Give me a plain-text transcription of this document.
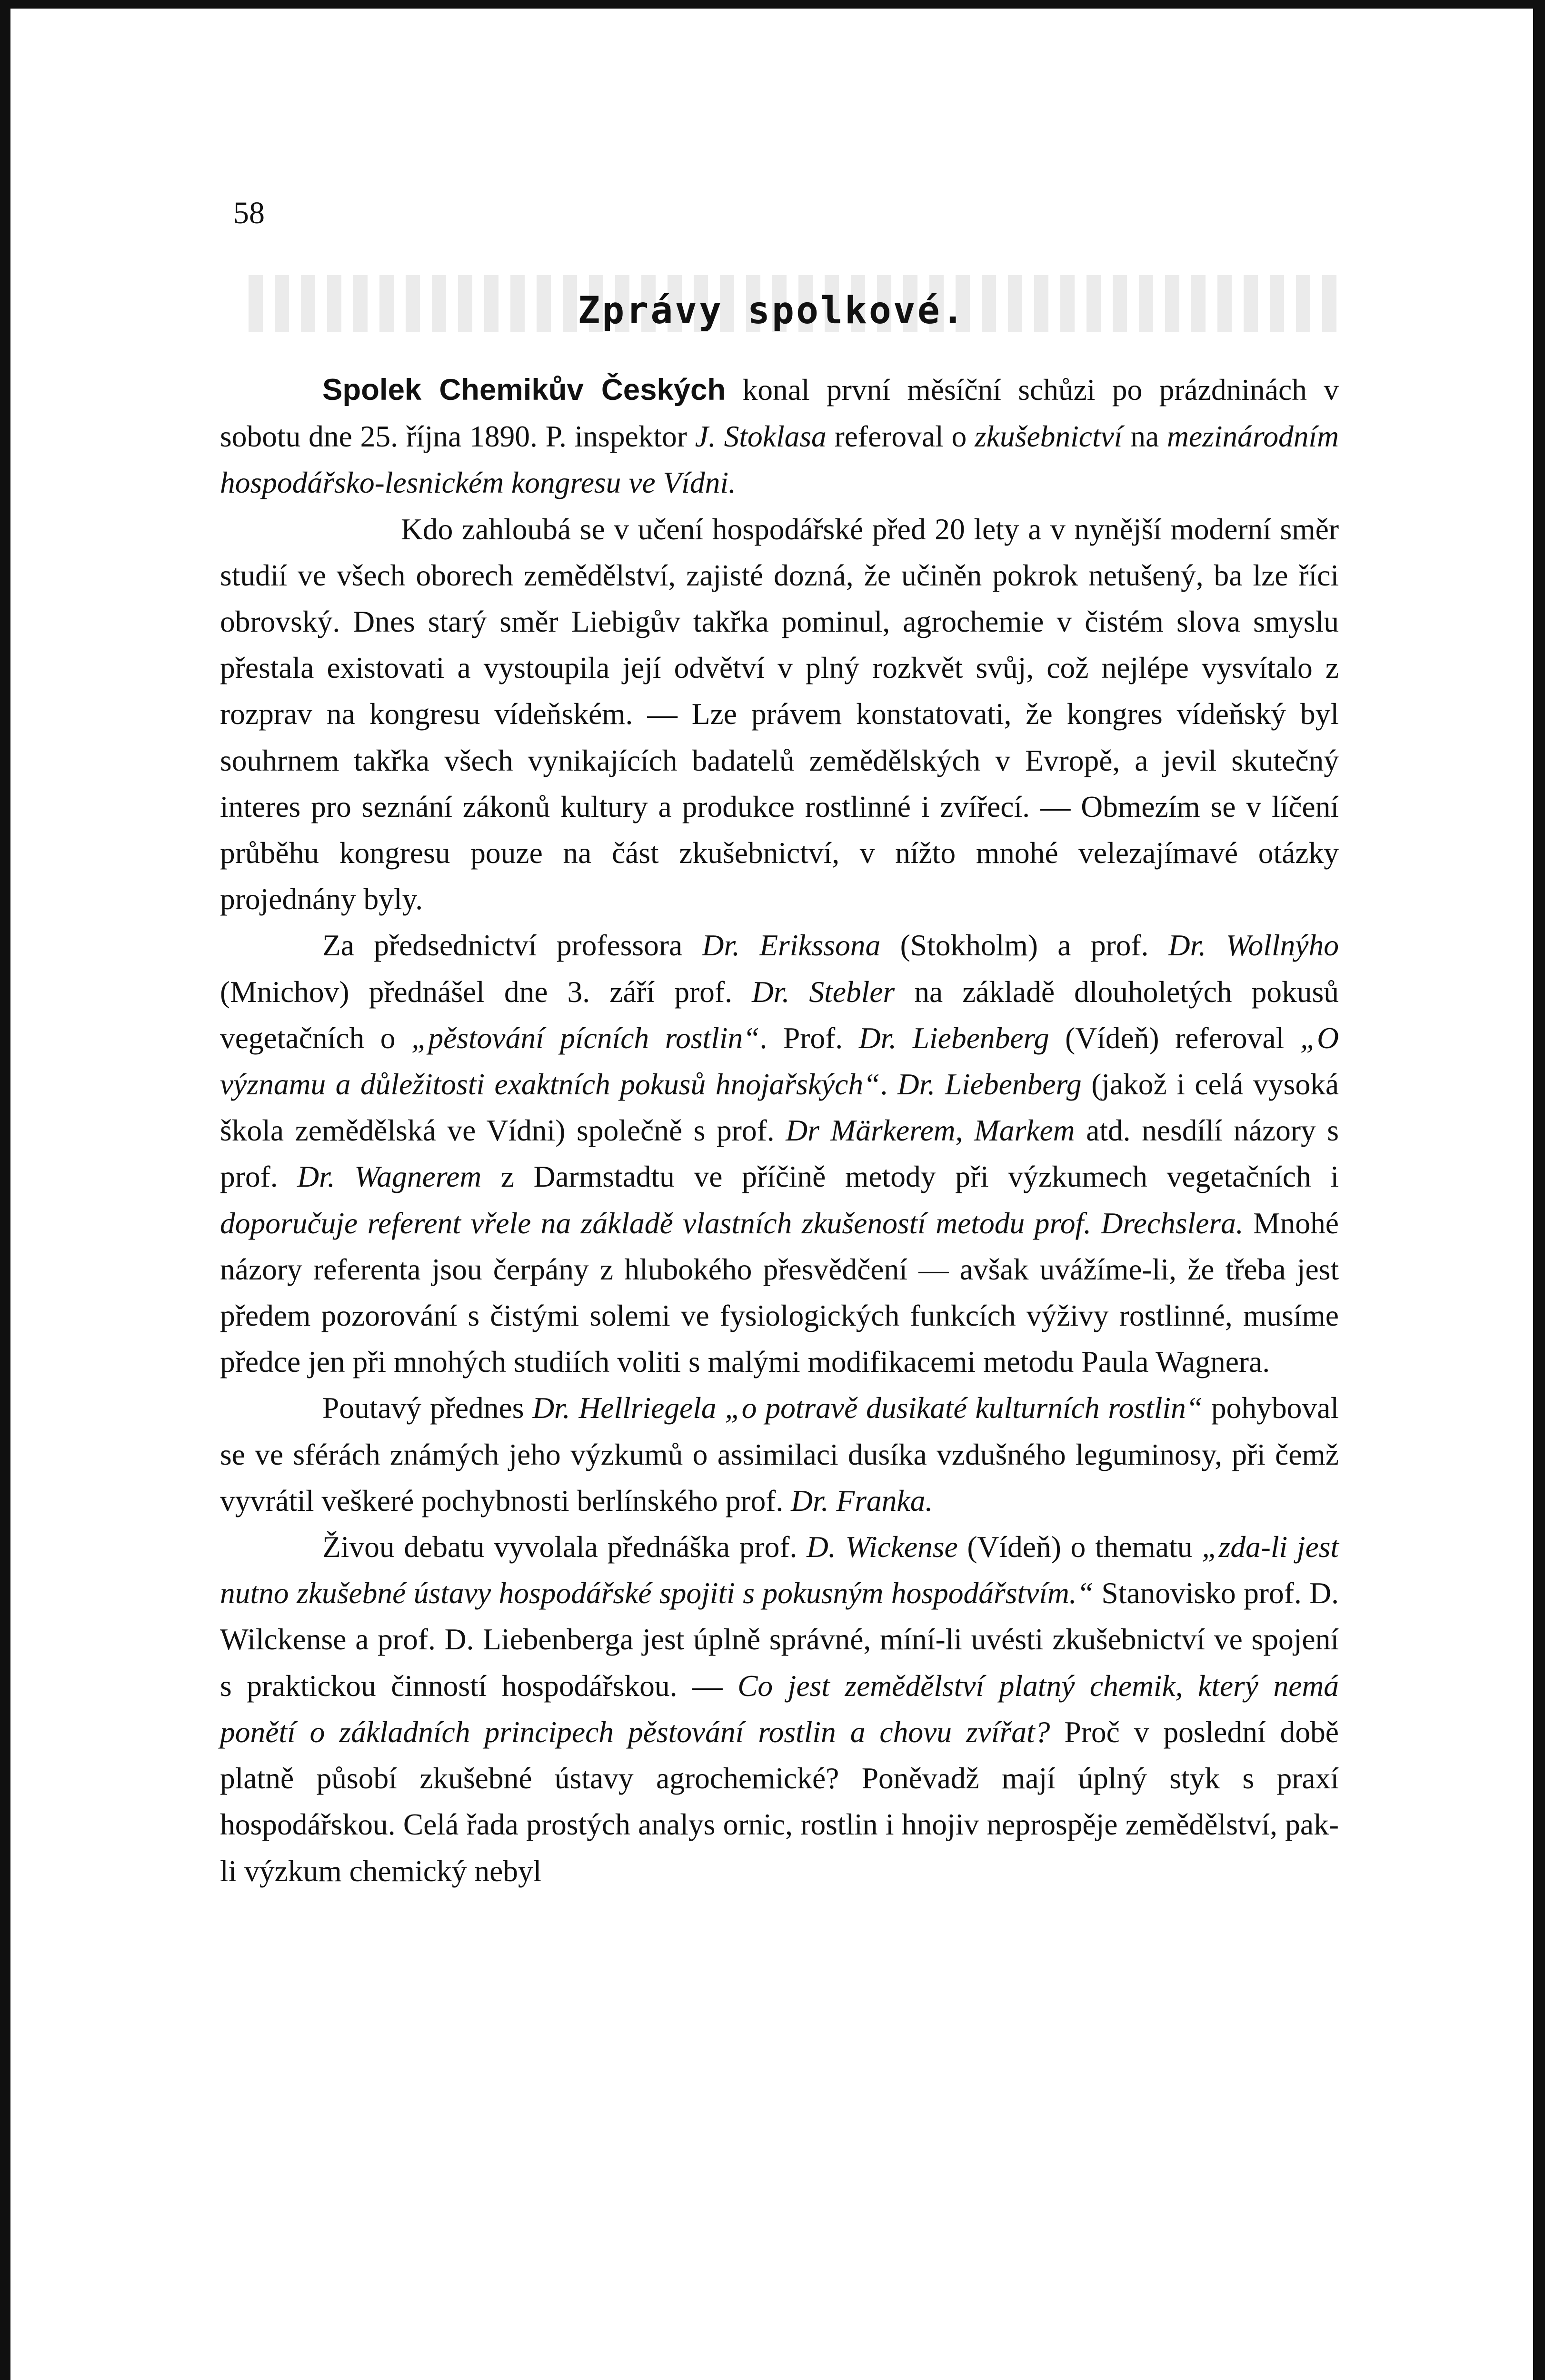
58
Zprávy spolkové.

Spolek Chemikův Českých konal první měsíční schůzi po prázdninách v sobotu dne 25. října 1890. P. inspektor J. Stoklasa referoval o zkušebnictví na mezinárodním hospodářsko-lesnickém kongresu ve Vídni.

Kdo zahloubá se v učení hospodářské před 20 lety a v nynější moderní směr studií ve všech oborech zemědělství, zajisté dozná, že učiněn pokrok netušený, ba lze říci obrovský. Dnes starý směr Liebigův takřka pominul, agrochemie v čistém slova smyslu přestala existovati a vystoupila její odvětví v plný rozkvět svůj, což nejlépe vysvítalo z rozprav na kongresu vídeňském. — Lze právem konstatovati, že kongres vídeňský byl souhrnem takřka všech vynikajících badatelů zemědělských v Evropě, a jevil skutečný interes pro seznání zákonů kultury a produkce rostlinné i zvířecí. — Obmezím se v líčení průběhu kongresu pouze na část zkušebnictví, v nížto mnohé velezajímavé otázky projednány byly.

Za předsednictví professora Dr. Erikssona (Stokholm) a prof. Dr. Wollnýho (Mnichov) přednášel dne 3. září prof. Dr. Stebler na základě dlouholetých pokusů vegetačních o „pěstování pícních rostlin“. Prof. Dr. Liebenberg (Vídeň) referoval „O významu a důležitosti exaktních pokusů hnojařských“. Dr. Liebenberg (jakož i celá vysoká škola zemědělská ve Vídni) společně s prof. Dr Märkerem, Markem atd. nesdílí názory s prof. Dr. Wagnerem z Darmstadtu ve příčině metody při výzkumech vegetačních i doporučuje referent vřele na základě vlastních zkušeností metodu prof. Drechslera. Mnohé názory referenta jsou čerpány z hlubokého přesvědčení — avšak uvážíme-li, že třeba jest předem pozorování s čistými solemi ve fysiologických funkcích výživy rostlinné, musíme předce jen při mnohých studiích voliti s malými modifikacemi metodu Paula Wagnera.

Poutavý přednes Dr. Hellriegela „o potravě dusikaté kulturních rostlin“ pohyboval se ve sférách známých jeho výzkumů o assimilaci dusíka vzdušného leguminosy, při čemž vyvrátil veškeré pochybnosti berlínského prof. Dr. Franka.

Živou debatu vyvolala přednáška prof. D. Wickense (Vídeň) o thematu „zda-li jest nutno zkušebné ústavy hospodářské spojiti s pokusným hospodářstvím.“ Stanovisko prof. D. Wilckense a prof. D. Liebenberga jest úplně správné, míní-li uvésti zkušebnictví ve spojení s praktickou činností hospodářskou. — Co jest zemědělství platný chemik, který nemá ponětí o základních principech pěstování rostlin a chovu zvířat? Proč v poslední době platně působí zkušebné ústavy agrochemické? Poněvadž mají úplný styk s praxí hospodářskou. Celá řada prostých analys ornic, rostlin i hnojiv neprospěje zemědělství, pak-li výzkum chemický nebyl
